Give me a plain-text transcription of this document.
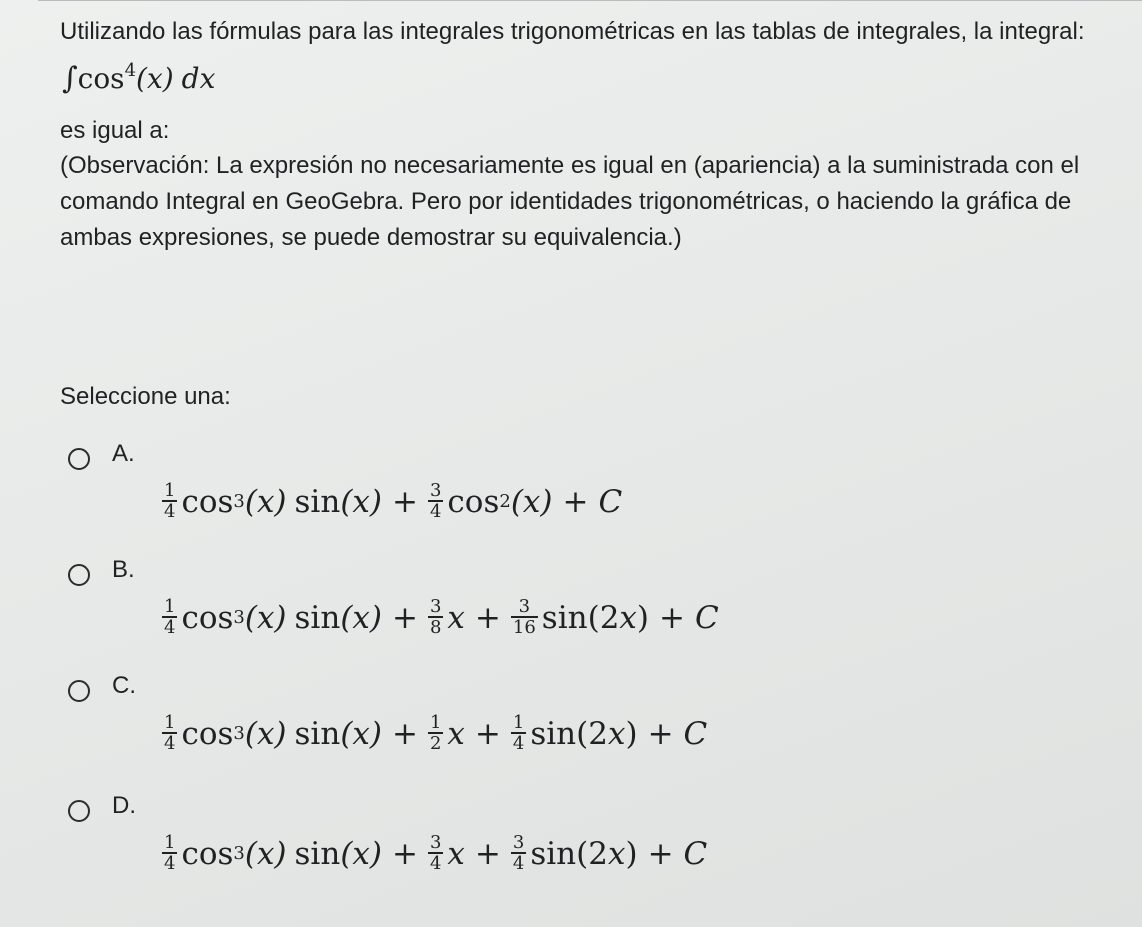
Utilizando las fórmulas para las integrales trigonométricas en las tablas de integrales, la integral:

$\int\cos^4(x)$ dx

es igual a:

(Observación: La expresión no necesariamente es igual en (apariencia) a la suministrada con el comando Integral en GeoGebra. Pero por identidades trigonométricas, o haciendo la gráfica de ambas expresiones, se puede demostrar su equivalencia.)

Seleccione una:
A.
$\frac{1}{4}$ cos 3 (x) $\sin (x) + \frac{3}{4}$ cos 2 (x) + C
B.
$\frac{1}{4}$ cos 3 (x) $\sin (x) + \frac{3}{8}$ $x + \frac{3}{16}$ sin (2x) + C
C.
$\frac{1}{4}$ cos 3 (x) $\sin (x) + \frac{1}{2}$ $x + \frac{1}{4}$ sin (2x) + C
D.
$\frac{1}{4}$ cos 3 (x) $\sin (x) + \frac{3}{4}$ $x + \frac{3}{4}$ sin (2x) + C
